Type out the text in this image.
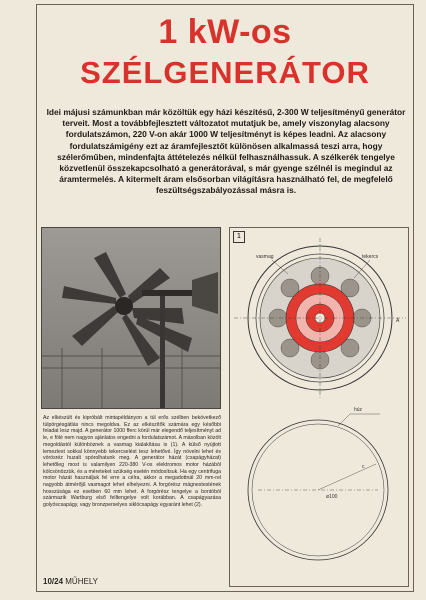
1 kW-os
SZÉLGENERÁTOR
Idei májusi számunkban már közöltük egy házi készítésű, 2-300 W teljesítményű generátor terveit. Most a továbbfejlesztett változatot mutatjuk be, amely viszonylag alacsony fordulatszámon, 220 V-on akár 1000 W teljesítményt is képes leadni. Az alacsony fordulatszámigény ezt az áramfejlesztőt különösen alkalmassá teszi arra, hogy szélerőműben, mindenfajta áttételezés nélkül felhasználhassuk. A szélkerék tengelye közvetlenül összekapcsolható a generátorával, s már gyenge szélnél is megindul az áramtermelés. A kitermelt áram elsősorban világításra használható fel, de megfelelő feszültségszabályozással másra is.
Az elkészült és kipróbált mintapéldányon a túl erős szélben bekövetkező túlpörgésgátlás nincs megoldva. Ez az elkészítők számára egy későbbi feladat lesz majd. A generátor 1000 fferc körül már elegendő teljesítményt ad le, e fölé nem nagyon ajánlatos engedni a fordulatszámot. A másolban közölt megoldástól különböznek a vasmag kialakítása is (1). A külső nyújtott lemezlest sokkal könnyebb tekercselést tesz lehetővé. Így növelni lehet és vörösréz huzalt spórolhatunk meg. A generátor házát (csapágyházat) lehetőleg most is valamilyen 220-380 V-os elektromos motor házából kölcsönözzük, és a méreteket szükség esetén módosítsuk. Ha egy centrifuga motor házát használjuk fel erre a célra, akkor a megadottnál 20 mm-rel nagyobb átmérőjű vasmagot lehet elhelyezni. A forgórész mágnestestének hosszúsága ez esetben 60 mm lehet. A forgórész tengelye a bontóból származik Wartburg első felltengelye volt korábban. A csapágyazása golyóscsapágy, vagy bronzperselyes siklócsapágy egyaránt lehet (2).
10/24 MŰHELY
1
vasmag	tekercs
A
húz
ø100
c
